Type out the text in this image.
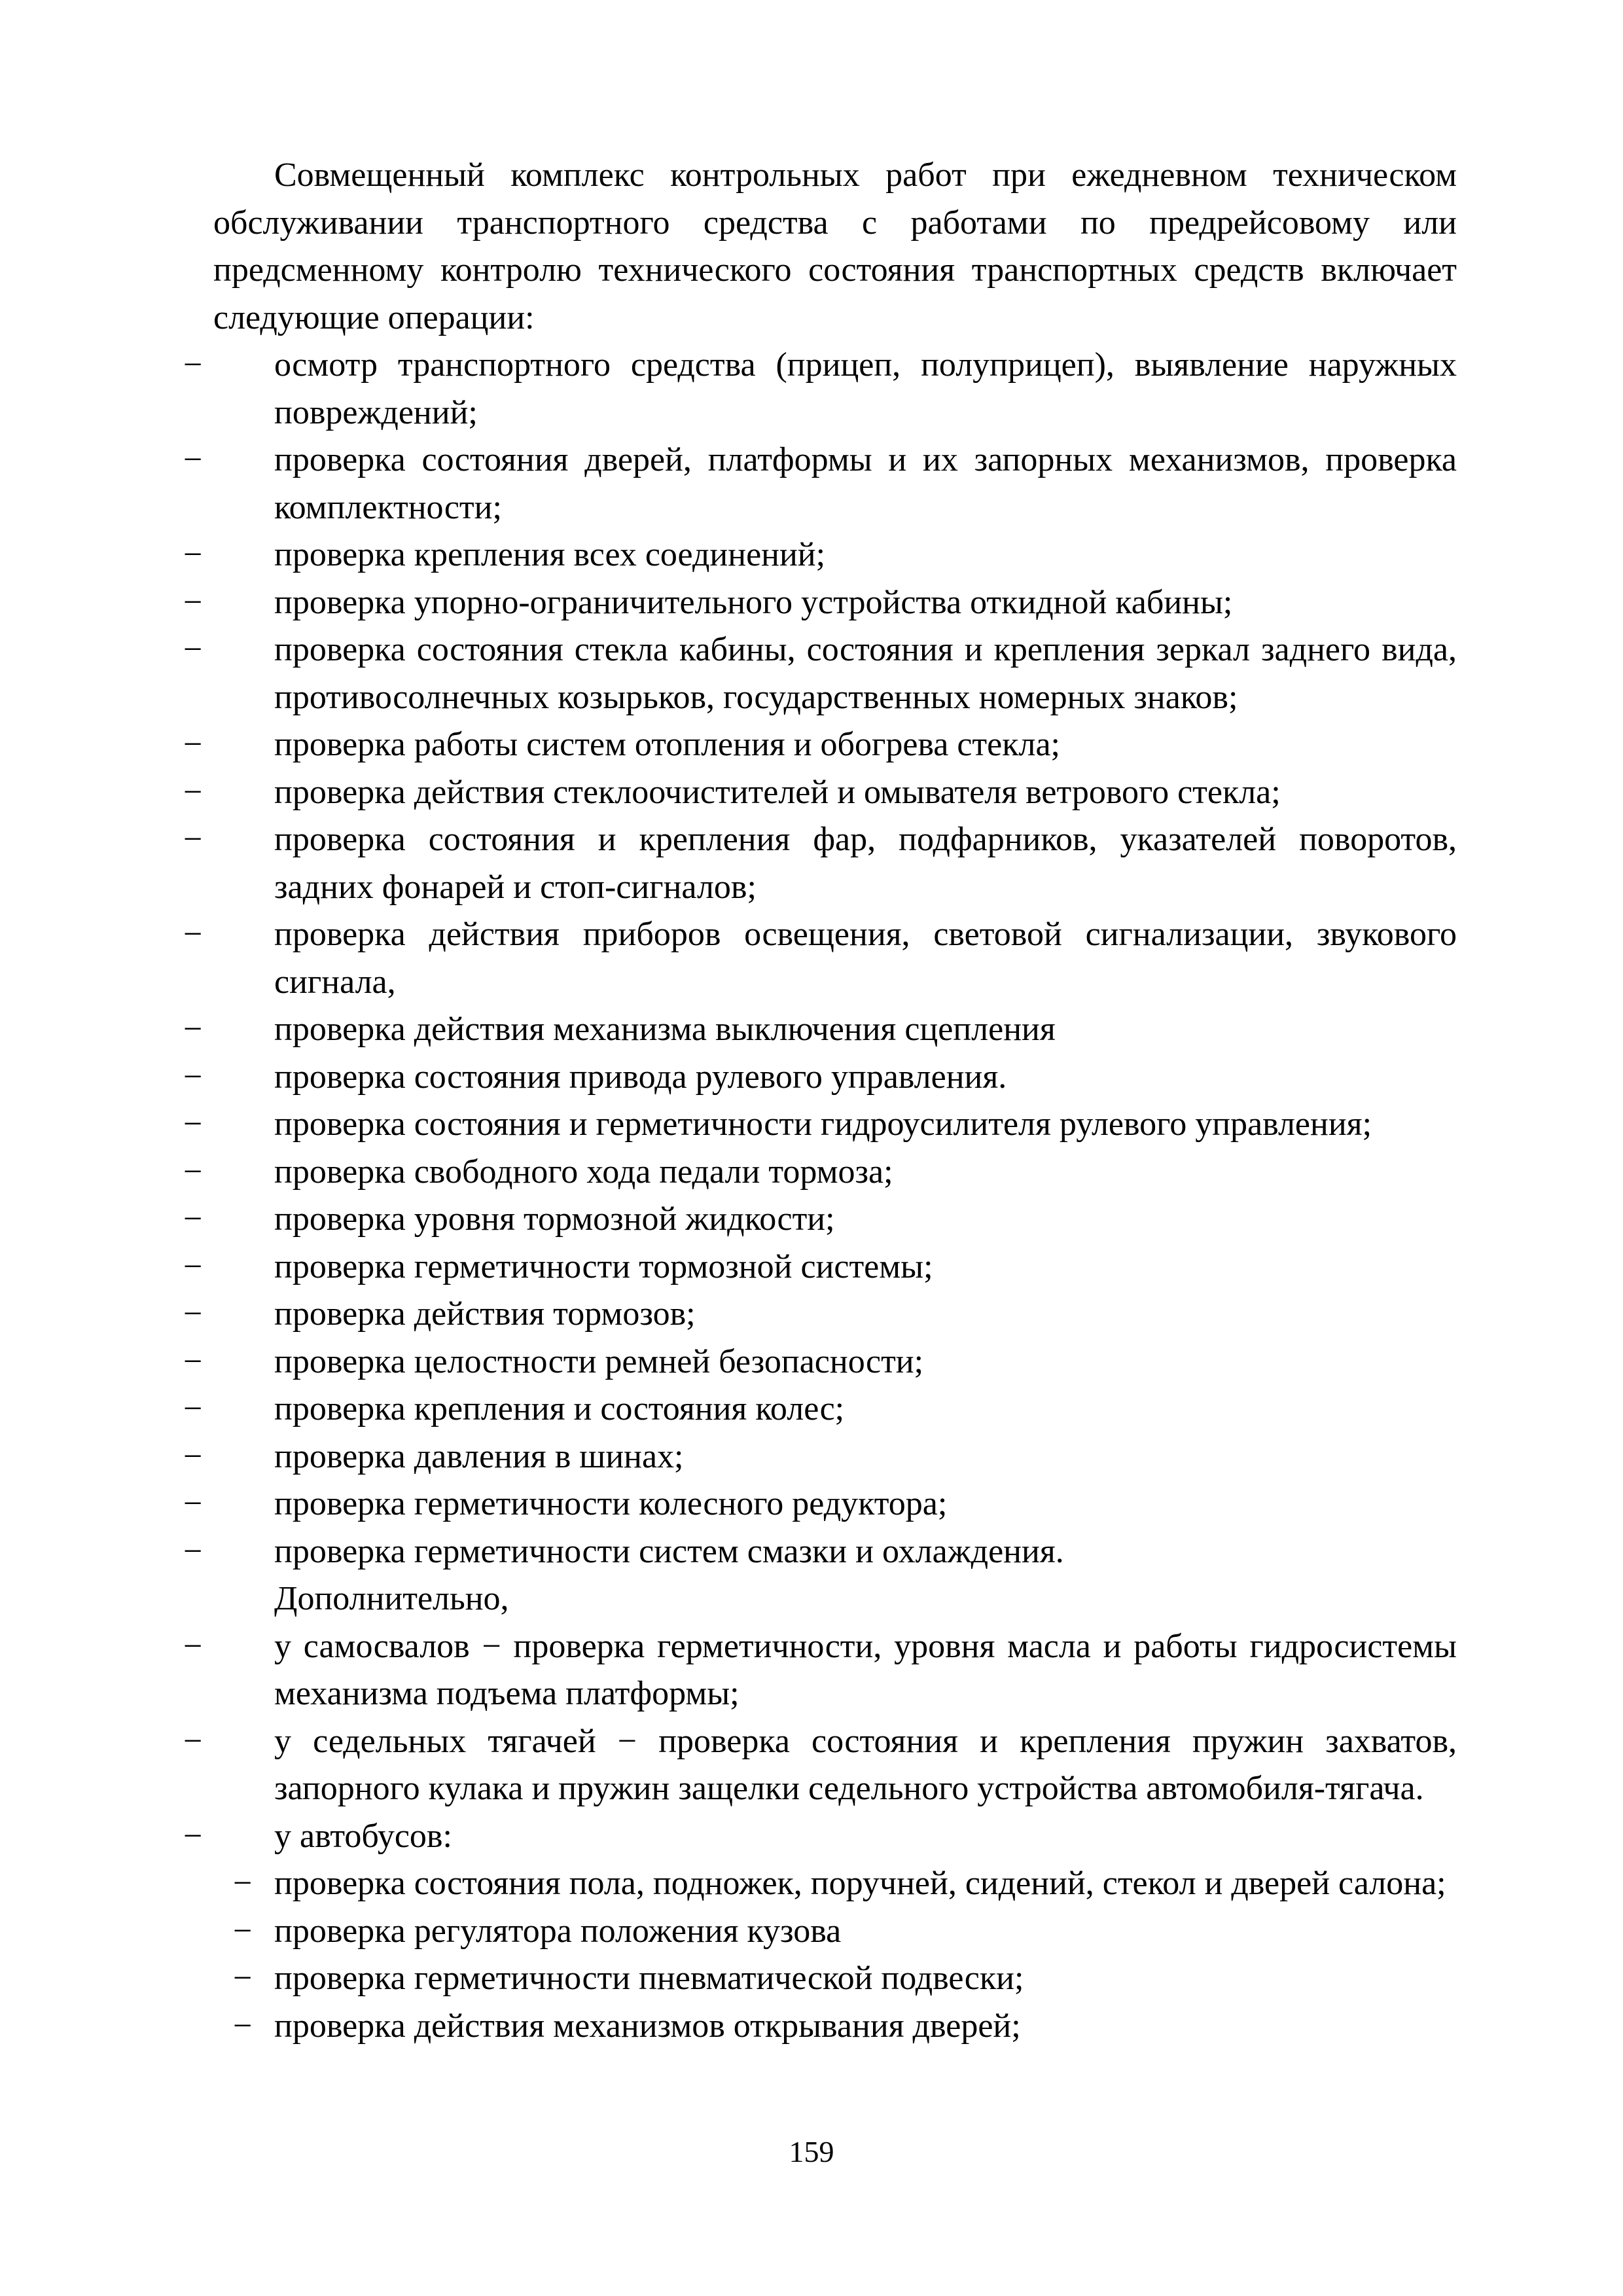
Совмещенный комплекс контрольных работ при ежедневном техническом обслуживании транспортного средства с работами по предрейсовому или предсменному контролю технического состояния транспортных средств включает следующие операции:

− осмотр транспортного средства (прицеп, полуприцеп), выявление наружных повреждений;
− проверка состояния дверей, платформы и их запорных механизмов, проверка комплектности;
− проверка крепления всех соединений;
− проверка упорно-ограничительного устройства откидной кабины;
− проверка состояния стекла кабины, состояния и крепления зеркал заднего вида, противосолнечных козырьков, государственных номерных знаков;
− проверка работы систем отопления и обогрева стекла;
− проверка действия стеклоочистителей и омывателя ветрового стекла;
− проверка состояния и крепления фар, подфарников, указателей поворотов, задних фонарей и стоп-сигналов;
− проверка действия приборов освещения, световой сигнализации, звукового сигнала,
− проверка действия механизма выключения сцепления
− проверка состояния привода рулевого управления.
− проверка состояния и герметичности гидроусилителя рулевого управления;
− проверка свободного хода педали тормоза;
− проверка уровня тормозной жидкости;
− проверка герметичности тормозной системы;
− проверка действия тормозов;
− проверка целостности ремней безопасности;
− проверка крепления и состояния колес;
− проверка давления в шинах;
− проверка герметичности колесного редуктора;
− проверка герметичности систем смазки и охлаждения.

Дополнительно,

− у самосвалов − проверка герметичности, уровня масла и работы гидросистемы механизма подъема платформы;
− у седельных тягачей − проверка состояния и крепления пружин захватов, запорного кулака и пружин защелки седельного устройства автомобиля-тягача.
− у автобусов:
− проверка состояния пола, подножек, поручней, сидений, стекол и дверей салона;
− проверка регулятора положения кузова
− проверка герметичности пневматической подвески;
− проверка действия механизмов открывания дверей;
159
